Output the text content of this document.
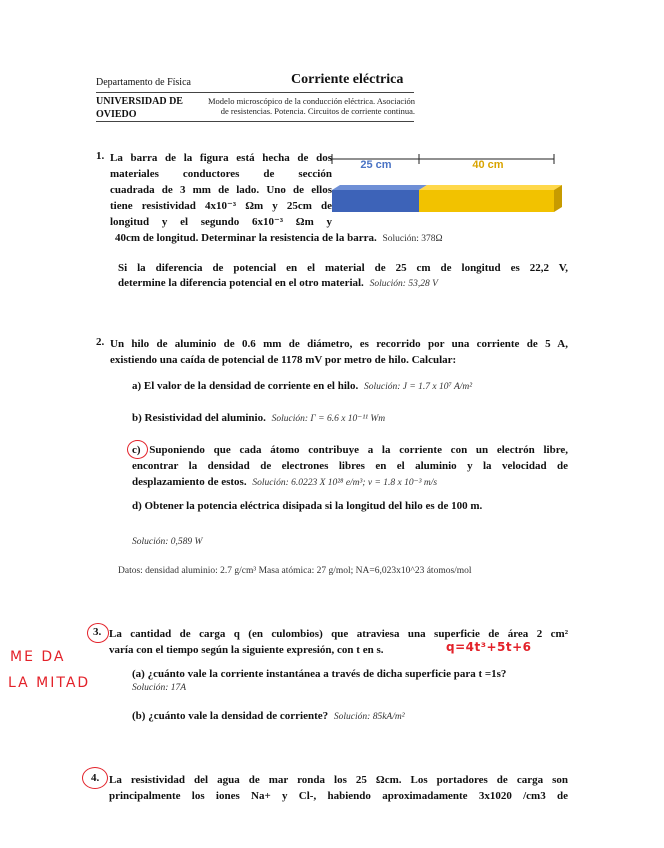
Departamento de Física	Corriente eléctrica
UNIVERSIDAD DE
OVIEDO
Modelo microscópico de la conducción eléctrica. Asociación
de resistencias. Potencia. Circuitos de corriente continua.
1. La barra de la figura está hecha de dos
materiales conductores de sección
cuadrada de 3 mm de lado. Uno de ellos
tiene resistividad 4x10⁻³ Ωm y 25cm de
longitud y el segundo 6x10⁻³ Ωm y
40cm de longitud. Determinar la resistencia de la barra. Solución: 378Ω
25 cm	40 cm
Si la diferencia de potencial en el material de 25 cm de longitud es 22,2 V,
determine la diferencia potencial en el otro material. Solución: 53,28 V
2. Un hilo de aluminio de 0.6 mm de diámetro, es recorrido por una corriente de 5 A,
existiendo una caída de potencial de 1178 mV por metro de hilo. Calcular:
a) El valor de la densidad de corriente en el hilo. Solución: J = 1.7 x 10⁷ A/m²
b) Resistividad del aluminio. Solución: Γ = 6.6 x 10⁻¹¹ Wm
c) Suponiendo que cada átomo contribuye a la corriente con un electrón libre,
encontrar la densidad de electrones libres en el aluminio y la velocidad de
desplazamiento de estos. Solución: 6.0223 X 10²⁸ e/m³; v = 1.8 x 10⁻³ m/s
d) Obtener la potencia eléctrica disipada si la longitud del hilo es de 100 m.
Solución: 0,589 W
Datos: densidad aluminio: 2.7 g/cm³ Masa atómica: 27 g/mol; NA=6,023x10^23 átomos/mol
3. La cantidad de carga q (en culombios) que atraviesa una superficie de área 2 cm²
varía con el tiempo según la siguiente expresión, con t en s.	q=4t³+5t+6
ME DA
LA MITAD
(a) ¿cuánto vale la corriente instantánea a través de dicha superficie para t =1s?
Solución: 17A
(b) ¿cuánto vale la densidad de corriente? Solución: 85kA/m²
4. La resistividad del agua de mar ronda los 25 Ωcm. Los portadores de carga son
principalmente los iones Na+ y Cl-, habiendo aproximadamente 3x1020 /cm3 de
